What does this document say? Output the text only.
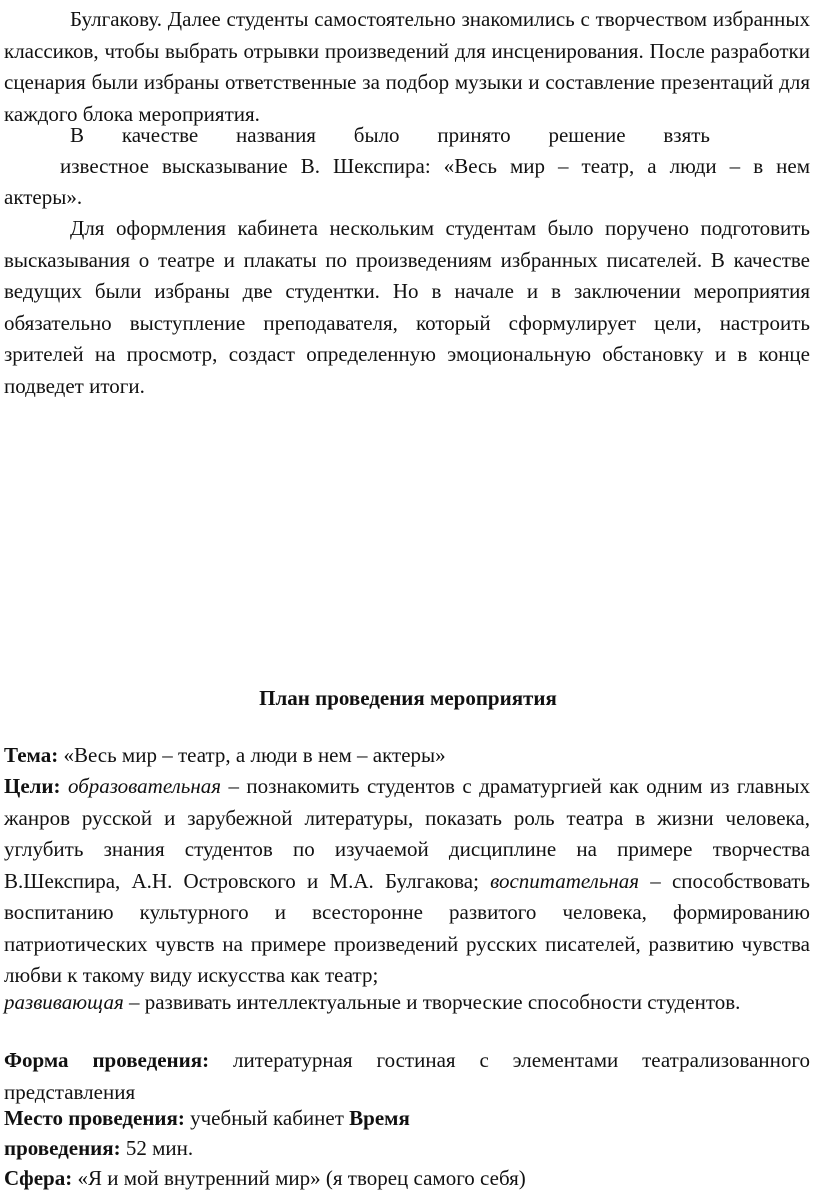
Булгакову. Далее студенты самостоятельно знакомились с творчеством избранных классиков, чтобы выбрать отрывки произведений для инсценирования. После разработки сценария были избраны ответственные за подбор музыки и составление презентаций для каждого блока мероприятия.

В качестве названия было принято решение взять

известное высказывание В. Шекспира: «Весь мир – театр, а люди – в нем

актеры».

Для оформления кабинета нескольким студентам было поручено подготовить высказывания о театре и плакаты по произведениям избранных писателей. В качестве ведущих были избраны две студентки. Но в начале и в заключении мероприятия обязательно выступление преподавателя, который сформулирует цели, настроить зрителей на просмотр, создаст определенную эмоциональную обстановку и в конце подведет итоги.

План проведения мероприятия

Тема: «Весь мир – театр, а люди в нем – актеры»

Цели: образовательная – познакомить студентов с драматургией как одним из главных жанров русской и зарубежной литературы, показать роль театра в жизни человека, углубить знания студентов по изучаемой дисциплине на примере творчества В.Шекспира, А.Н. Островского и М.А. Булгакова; воспитательная – способствовать воспитанию культурного и всесторонне развитого человека, формированию патриотических чувств на примере произведений русских писателей, развитию чувства любви к такому виду искусства как театр;

развивающая – развивать интеллектуальные и творческие способности студентов.

Форма проведения: литературная гостиная с элементами театрализованного представления

Место проведения: учебный кабинет Время

проведения: 52 мин.

Сфера: «Я и мой внутренний мир» (я творец самого себя)
